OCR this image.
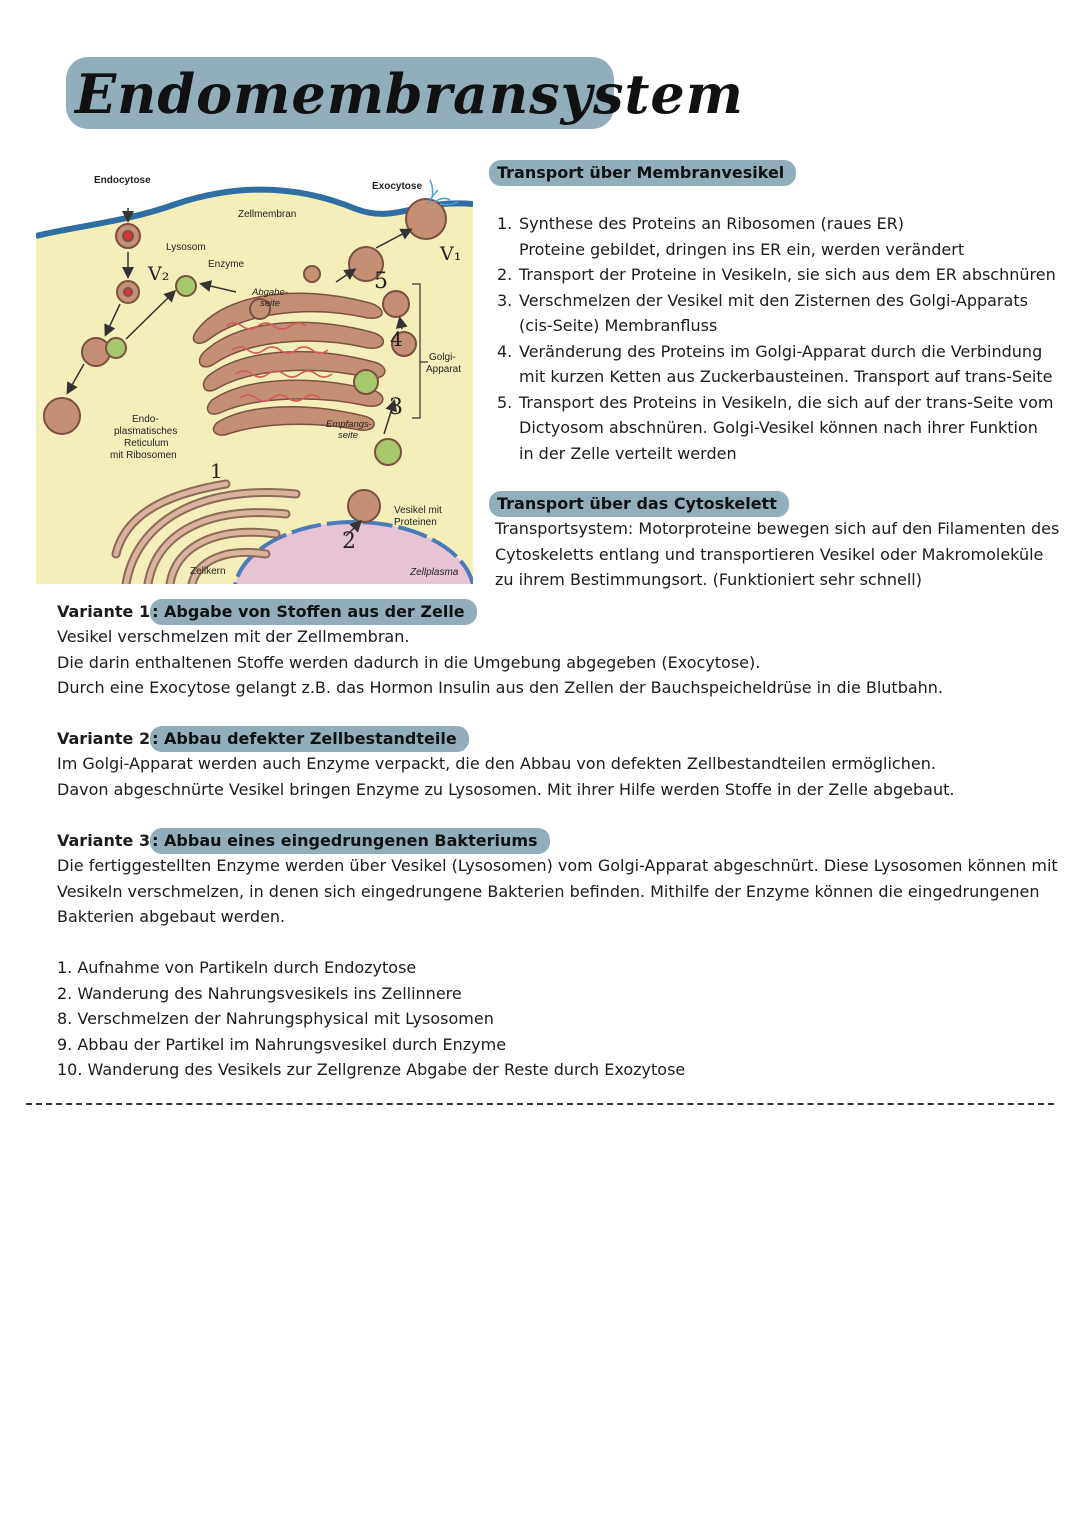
Endomembransystem
Endocytose
Exocytose
Zellmembran
Lysosom
Enzyme
Abgabe-
seite
Golgi-
Apparat
Endo-
plasmatisches
Reticulum
mit Ribosomen
Empfangs-
seite
Vesikel mit
Proteinen
Zellkern	Zellplasma
V₁
V₂
1
2
3
4
5
Transport über Membranvesikel
1. Synthese des Proteins an Ribosomen (raues ER)
Proteine gebildet, dringen ins ER ein, werden verändert
2. Transport der Proteine in Vesikeln, sie sich aus dem ER abschnüren
3. Verschmelzen der Vesikel mit den Zisternen des Golgi-Apparats
(cis-Seite) Membranfluss
4. Veränderung des Proteins im Golgi-Apparat durch die Verbindung
mit kurzen Ketten aus Zuckerbausteinen. Transport auf trans-Seite
5. Transport des Proteins in Vesikeln, die sich auf der trans-Seite vom
Dictyosom abschnüren. Golgi-Vesikel können nach ihrer Funktion
in der Zelle verteilt werden
Transport über das Cytoskelett
Transportsystem: Motorproteine bewegen sich auf den Filamenten des
Cytoskeletts entlang und transportieren Vesikel oder Makromoleküle
zu ihrem Bestimmungsort. (Funktioniert sehr schnell)
Variante 1 : Abgabe von Stoffen aus der Zelle
Vesikel verschmelzen mit der Zellmembran.
Die darin enthaltenen Stoffe werden dadurch in die Umgebung abgegeben (Exocytose).
Durch eine Exocytose gelangt z.B. das Hormon Insulin aus den Zellen der Bauchspeicheldrüse in die Blutbahn.
Variante 2 : Abbau defekter Zellbestandteile
Im Golgi-Apparat werden auch Enzyme verpackt, die den Abbau von defekten Zellbestandteilen ermöglichen.
Davon abgeschnürte Vesikel bringen Enzyme zu Lysosomen. Mit ihrer Hilfe werden Stoffe in der Zelle abgebaut.
Variante 3 : Abbau eines eingedrungenen Bakteriums
Die fertiggestellten Enzyme werden über Vesikel (Lysosomen) vom Golgi-Apparat abgeschnürt. Diese Lysosomen können mit
Vesikeln verschmelzen, in denen sich eingedrungene Bakterien befinden. Mithilfe der Enzyme können die eingedrungenen
Bakterien abgebaut werden.
1. Aufnahme von Partikeln durch Endozytose
2. Wanderung des Nahrungsvesikels ins Zellinnere
8. Verschmelzen der Nahrungsphysical mit Lysosomen
9. Abbau der Partikel im Nahrungsvesikel durch Enzyme
10. Wanderung des Vesikels zur Zellgrenze Abgabe der Reste durch Exozytose
